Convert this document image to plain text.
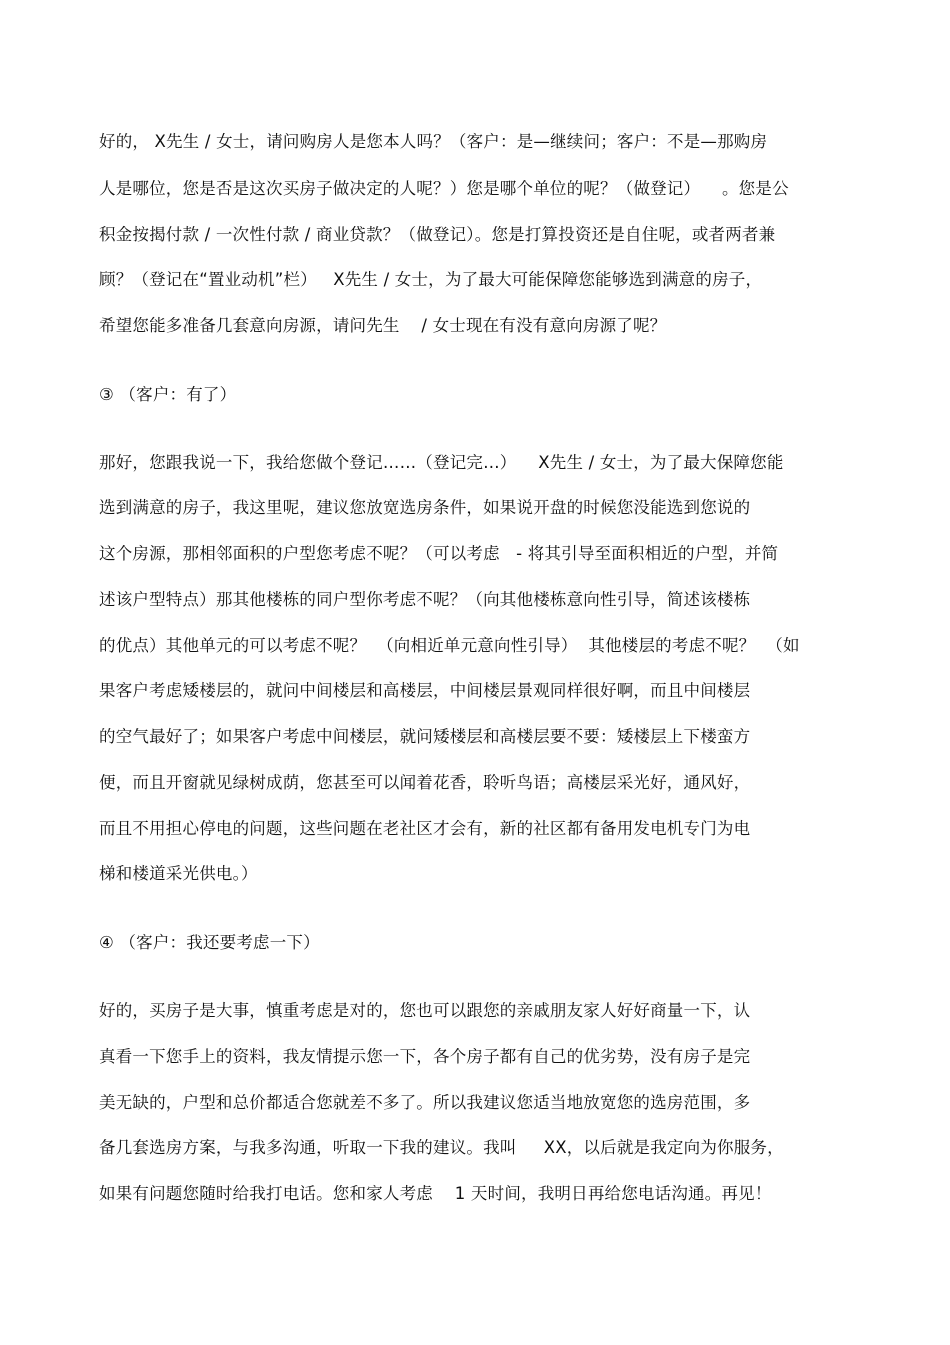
好的， X先生 / 女士，请问购房人是您本人吗？（客户：是—继续问；客户：不是—那购房
人是哪位，您是否是这次买房子做决定的人呢？）您是哪个单位的呢？（做登记）    。您是公
积金按揭付款 / 一次性付款 / 商业贷款？（做登记）。您是打算投资还是自住呢，或者两者兼
顾？（登记在“置业动机”栏）   X先生 / 女士，为了最大可能保障您能够选到满意的房子，
希望您能多准备几套意向房源，请问先生    / 女士现在有没有意向房源了呢？
③ （客户：有了）
那好，您跟我说一下，我给您做个登记……（登记完…）    X先生 / 女士，为了最大保障您能
选到满意的房子，我这里呢，建议您放宽选房条件，如果说开盘的时候您没能选到您说的
这个房源，那相邻面积的户型您考虑不呢？（可以考虑   - 将其引导至面积相近的户型，并简
述该户型特点）那其他楼栋的同户型你考虑不呢？（向其他楼栋意向性引导，简述该楼栋
的优点）其他单元的可以考虑不呢？  （向相近单元意向性引导）  其他楼层的考虑不呢？  （如
果客户考虑矮楼层的，就问中间楼层和高楼层，中间楼层景观同样很好啊，而且中间楼层
的空气最好了；如果客户考虑中间楼层，就问矮楼层和高楼层要不要：矮楼层上下楼蛮方
便，而且开窗就见绿树成荫，您甚至可以闻着花香，聆听鸟语；高楼层采光好，通风好，
而且不用担心停电的问题，这些问题在老社区才会有，新的社区都有备用发电机专门为电
梯和楼道采光供电。）
④ （客户：我还要考虑一下）
好的，买房子是大事，慎重考虑是对的，您也可以跟您的亲戚朋友家人好好商量一下，认
真看一下您手上的资料，我友情提示您一下，各个房子都有自己的优劣势，没有房子是完
美无缺的，户型和总价都适合您就差不多了。所以我建议您适当地放宽您的选房范围，多
备几套选房方案，与我多沟通，听取一下我的建议。我叫     XX，以后就是我定向为你服务，
如果有问题您随时给我打电话。您和家人考虑    1 天时间，我明日再给您电话沟通。再见！
